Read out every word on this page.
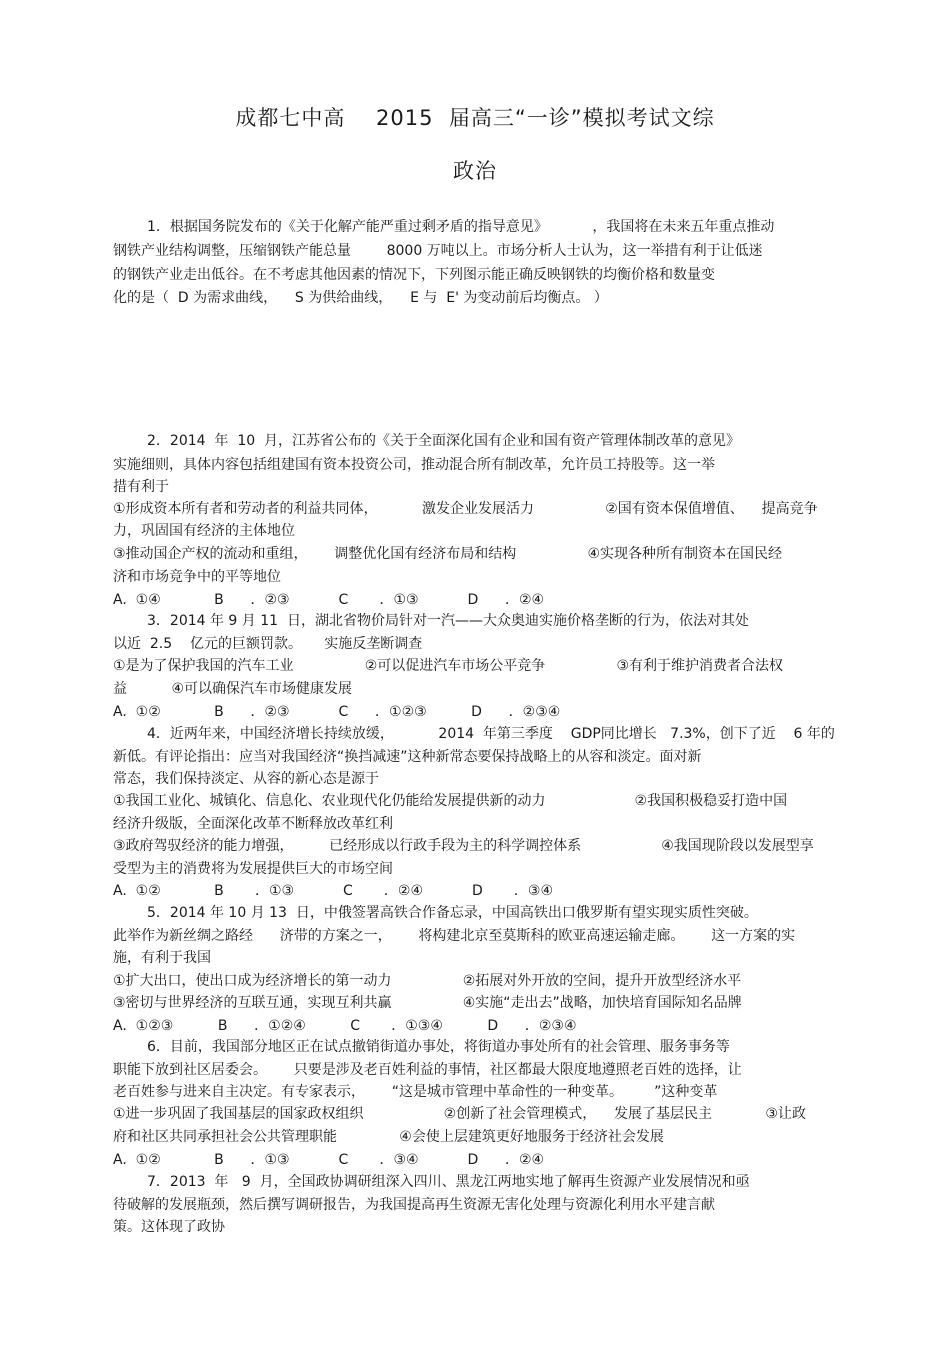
成都七中高    2015  届高三“一诊”模拟考试文综
政治
1．根据国务院发布的《关于化解产能严重过剩矛盾的指导意见》          ，我国将在未来五年重点推动
钢铁产业结构调整，压缩钢铁产能总量        8000 万吨以上。市场分析人士认为，这一举措有利于让低迷
的钢铁产业走出低谷。在不考虑其他因素的情况下，下列图示能正确反映钢铁的均衡价格和数量变
化的是（  D 为需求曲线，    S 为供给曲线，    E 与  E' 为变动前后均衡点。 ）
2．2014  年  10  月，江苏省公布的《关于全面深化国有企业和国有资产管理体制改革的意见》
实施细则，具体内容包括组建国有资本投资公司，推动混合所有制改革，允许员工持股等。这一举
措有利于
①形成资本所有者和劳动者的利益共同体，          激发企业发展活力                ②国有资本保值增值、    提高竞争
力，巩固国有经济的主体地位
③推动国企产权的流动和重组，      调整优化国有经济布局和结构                ④实现各种所有制资本在国民经
济和市场竞争中的平等地位
A.  ①④            B      ．②③           C       ．①③           D      ．②④
3．2014 年 9 月 11  日，湖北省物价局针对一汽——大众奥迪实施价格垄断的行为，依法对其处
以近  2.5    亿元的巨额罚款。     实施反垄断调查
①是为了保护我国的汽车工业                ②可以促进汽车市场公平竞争                ③有利于维护消费者合法权
益          ④可以确保汽车市场健康发展
A.  ①②            B      ．②③           C      ．①②③          D      ．②③④
4．近两年来，中国经济增长持续放缓，          2014  年第三季度    GDP同比增长   7.3%，创下了近    6 年的
新低。有评论指出：应当对我国经济“换挡减速”这种新常态要保持战略上的从容和淡定。面对新
常态，我们保持淡定、从容的新心态是源于
①我国工业化、城镇化、信息化、农业现代化仍能给发展提供新的动力                    ②我国积极稳妥打造中国
经济升级版，全面深化改革不断释放改革红利
③政府驾驭经济的能力增强，        已经形成以行政手段为主的科学调控体系                  ④我国现阶段以发展型享
受型为主的消费将为发展提供巨大的市场空间
A.  ①②            B       ．①③           C       ．②④           D       ．③④
5．2014 年 10 月 13  日，中俄签署高铁合作备忘录，中国高铁出口俄罗斯有望实现实质性突破。
此举作为新丝绸之路经      济带的方案之一，      将构建北京至莫斯科的欧亚高速运输走廊。      这一方案的实
施，有利于我国
①扩大出口，使出口成为经济增长的第一动力                ②拓展对外开放的空间，提升开放型经济水平
③密切与世界经济的互联互通，实现互利共赢                ④实施“走出去”战略，加快培育国际知名品牌
A.  ①②③          B      ．①②④          C       ．①③④          D      ．②③④
6．目前，我国部分地区正在试点撤销街道办事处，将街道办事处所有的社会管理、服务事务等
职能下放到社区居委会。      只要是涉及老百姓利益的事情，社区都最大限度地遵照老百姓的选择，让
老百姓参与进来自主决定。有专家表示，      “这是城市管理中革命性的一种变革。       ”这种变革
①进一步巩固了我国基层的国家政权组织                  ②创新了社会管理模式，    发展了基层民主            ③让政
府和社区共同承担社会公共管理职能              ④会使上层建筑更好地服务于经济社会发展
A.  ①②            B      ．①③           C       ．③④           D      ．②④
7．2013  年   9  月，全国政协调研组深入四川、黑龙江两地实地了解再生资源产业发展情况和亟
待破解的发展瓶颈，然后撰写调研报告，为我国提高再生资源无害化处理与资源化利用水平建言献
策。这体现了政协
